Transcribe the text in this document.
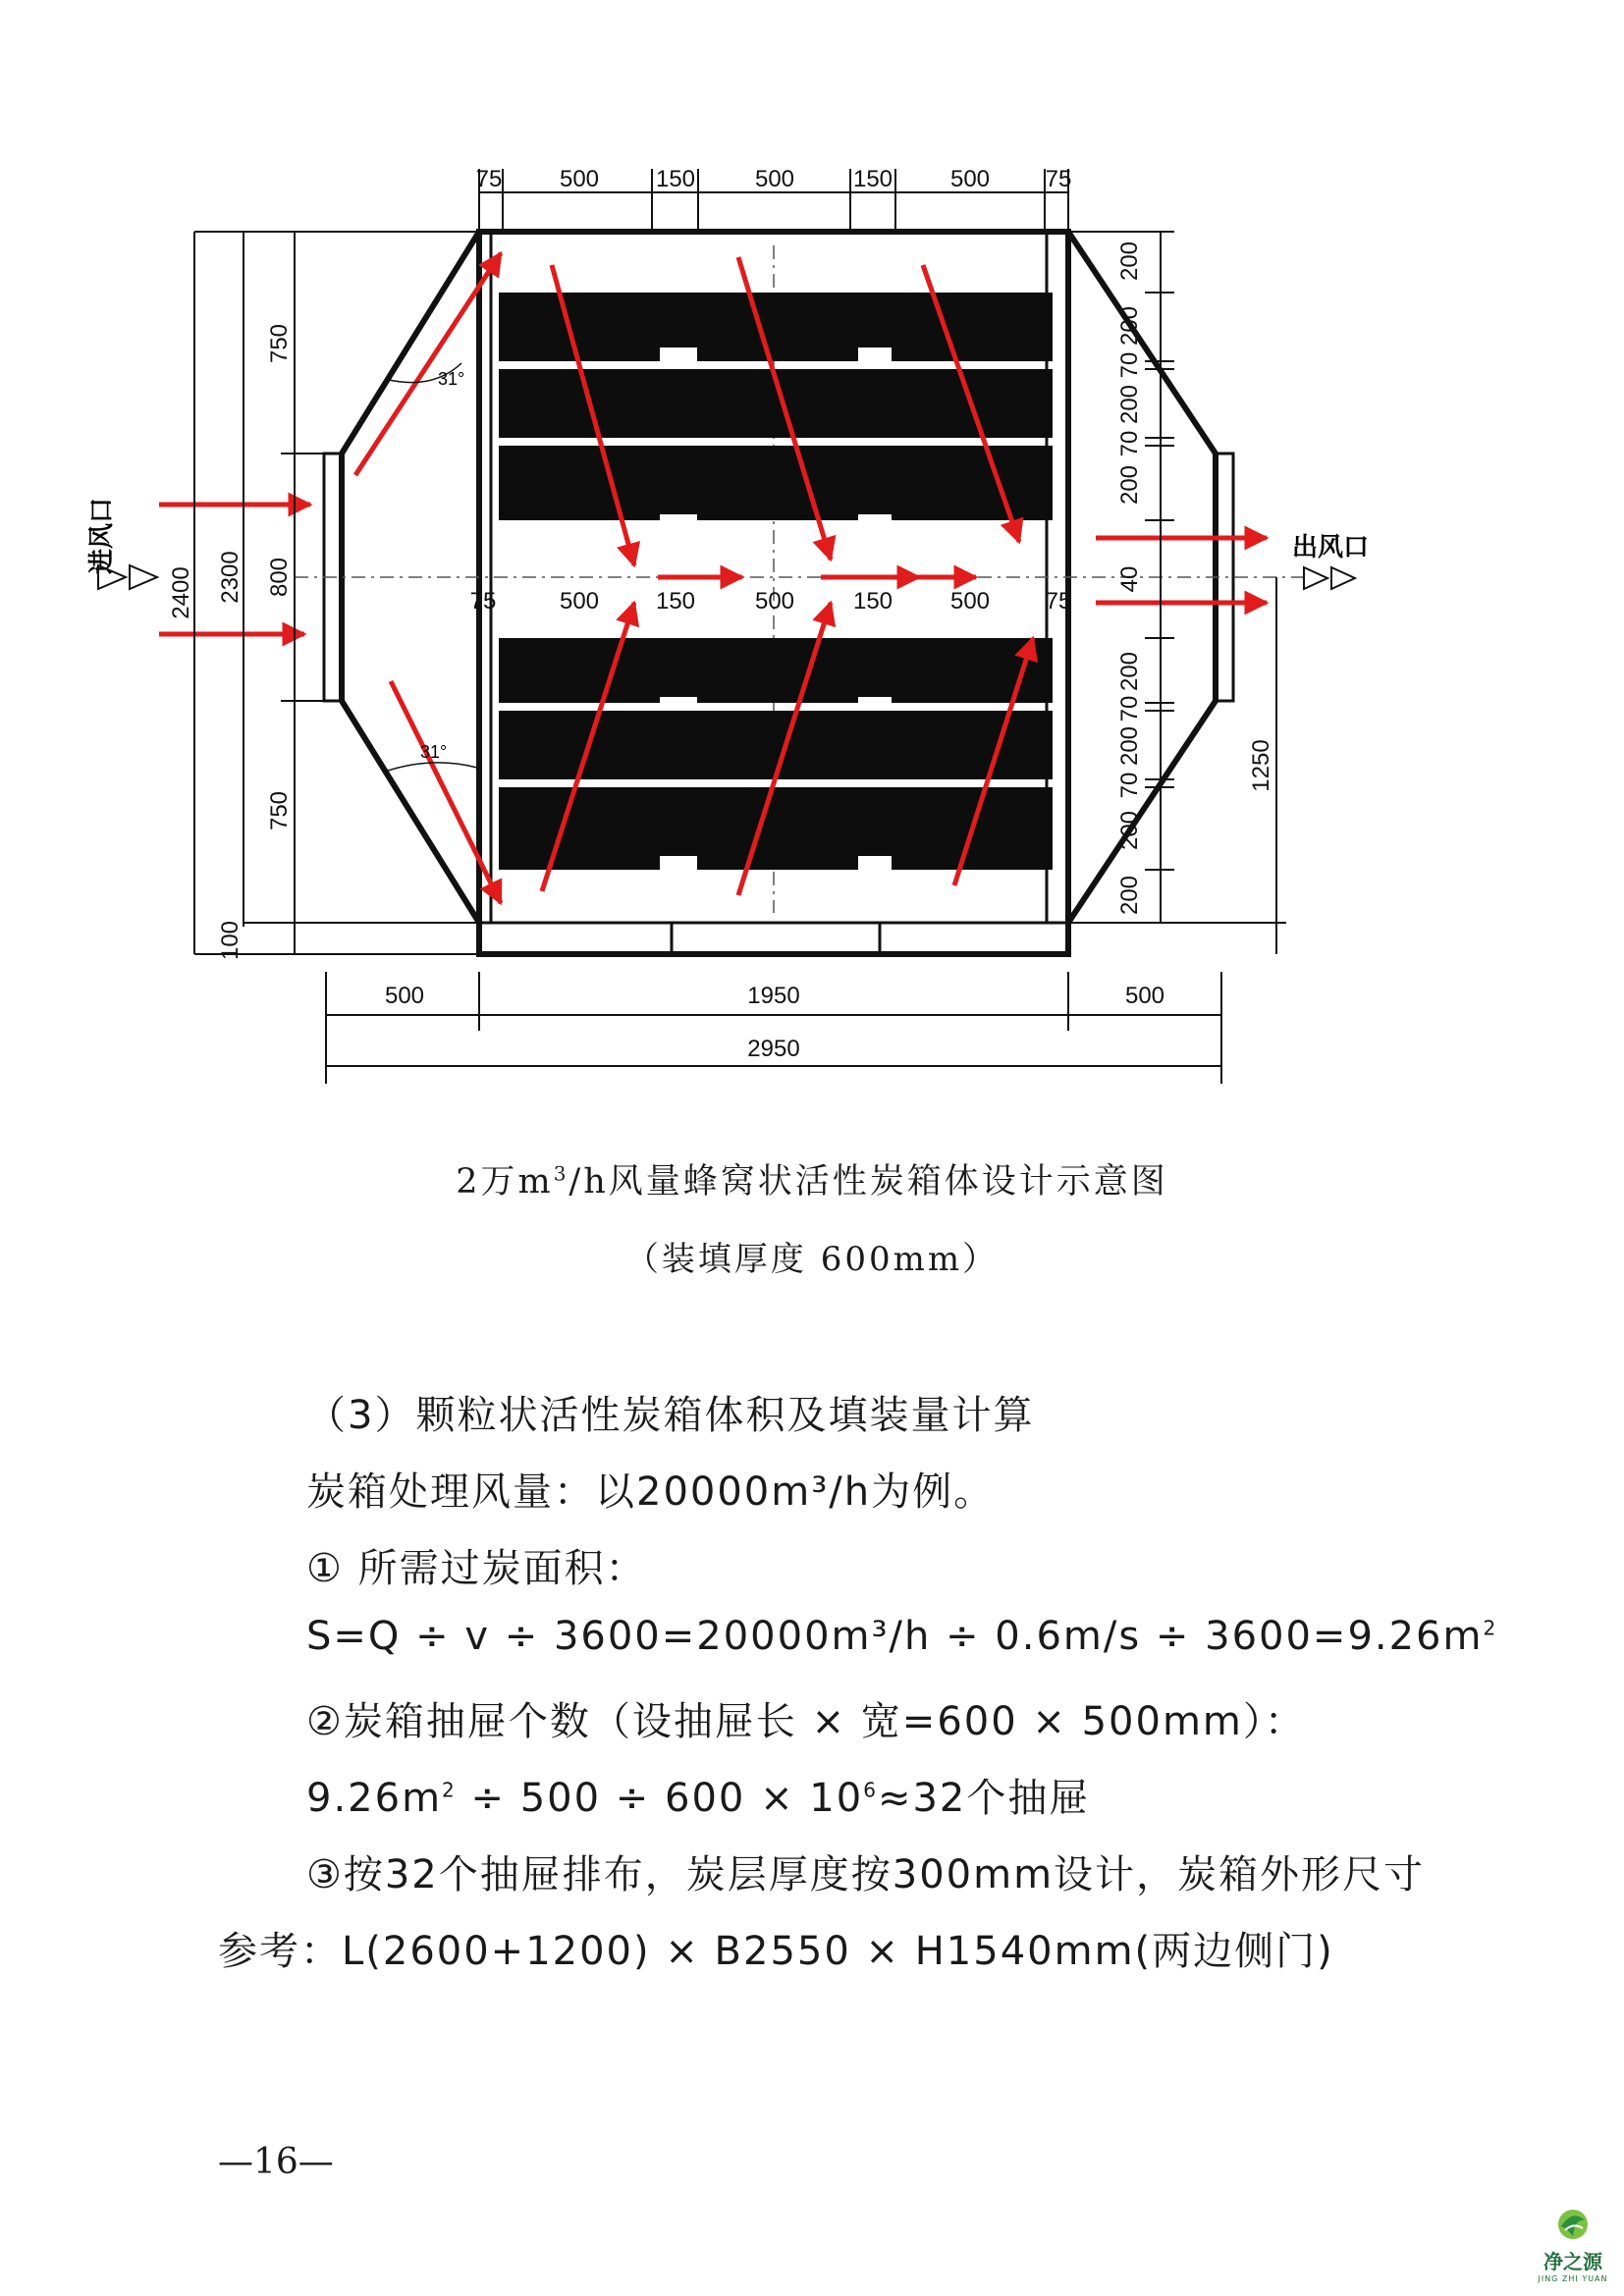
75 500 150	500 150 500 75
75	500 150	500 150 500 75
31°
31°
2400 2300
750
800
750
100
进风口	出风口
200
200
70
200
70
200
40
200
70
200
70
200
200
1250
500	1950	500
2950
2万$m^3/h$风量蜂窝状活性炭箱体设计示意图
（装填厚度 600mm）
（3）颗粒状活性炭箱体积及填装量计算
炭箱处理风量：以20000m³/h为例。
① 所需过炭面积：
$S=Q \div v \div 3600=20000m^3/h \div 0.6m/s \div 3600=9.26m^2$
②炭箱抽屉个数（设抽屉长 × 宽=600 × 500mm）：
$9.26m^2 \div 500 \div 600 \times 10^6\approx 32$个抽屉
③按32个抽屉排布，炭层厚度按300mm设计，炭箱外形尺寸
参考：L(2600+1200) × B2550 × H1540mm(两边侧门)
—16—
净之源
JING ZHI YUAN
